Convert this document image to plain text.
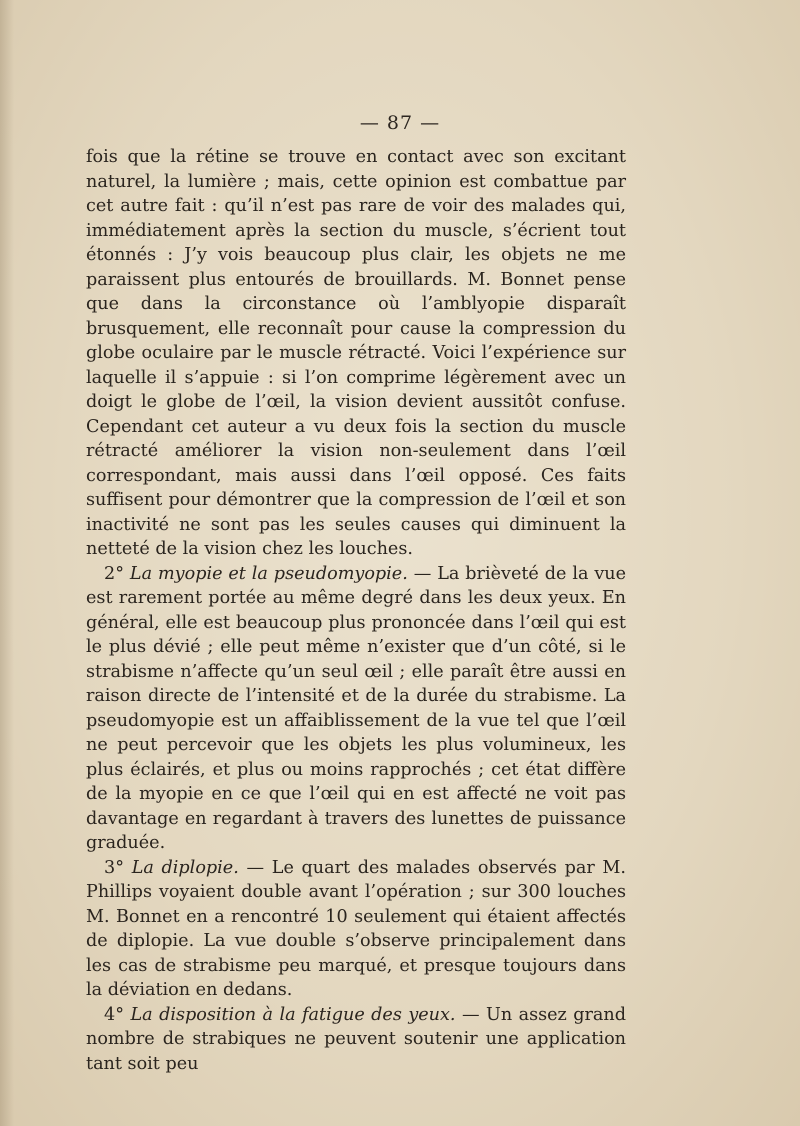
— 87 —

fois que la rétine se trouve en contact avec son excitant naturel, la lumière ; mais, cette opinion est combattue par cet autre fait : qu’il n’est pas rare de voir des malades qui, immédiatement après la section du muscle, s’écrient tout étonnés : J’y vois beaucoup plus clair, les objets ne me paraissent plus entourés de brouillards. M. Bonnet pense que dans la circonstance où l’amblyopie disparaît brusquement, elle reconnaît pour cause la compression du globe oculaire par le muscle rétracté. Voici l’expérience sur laquelle il s’appuie : si l’on comprime légèrement avec un doigt le globe de l’œil, la vision devient aussitôt confuse. Cependant cet auteur a vu deux fois la section du muscle rétracté améliorer la vision non-seulement dans l’œil correspondant, mais aussi dans l’œil opposé. Ces faits suffisent pour démontrer que la compression de l’œil et son inactivité ne sont pas les seules causes qui diminuent la netteté de la vision chez les louches.

2° La myopie et la pseudomyopie. — La brièveté de la vue est rarement portée au même degré dans les deux yeux. En général, elle est beaucoup plus prononcée dans l’œil qui est le plus dévié ; elle peut même n’exister que d’un côté, si le strabisme n’affecte qu’un seul œil ; elle paraît être aussi en raison directe de l’intensité et de la durée du strabisme. La pseudomyopie est un affaiblissement de la vue tel que l’œil ne peut percevoir que les objets les plus volumineux, les plus éclairés, et plus ou moins rapprochés ; cet état diffère de la myopie en ce que l’œil qui en est affecté ne voit pas davantage en regardant à travers des lunettes de puissance graduée.

3° La diplopie. — Le quart des malades observés par M. Phillips voyaient double avant l’opération ; sur 300 louches M. Bonnet en a rencontré 10 seulement qui étaient affectés de diplopie. La vue double s’observe principalement dans les cas de strabisme peu marqué, et presque toujours dans la déviation en dedans.

4° La disposition à la fatigue des yeux. — Un assez grand nombre de strabiques ne peuvent soutenir une application tant soit peu
